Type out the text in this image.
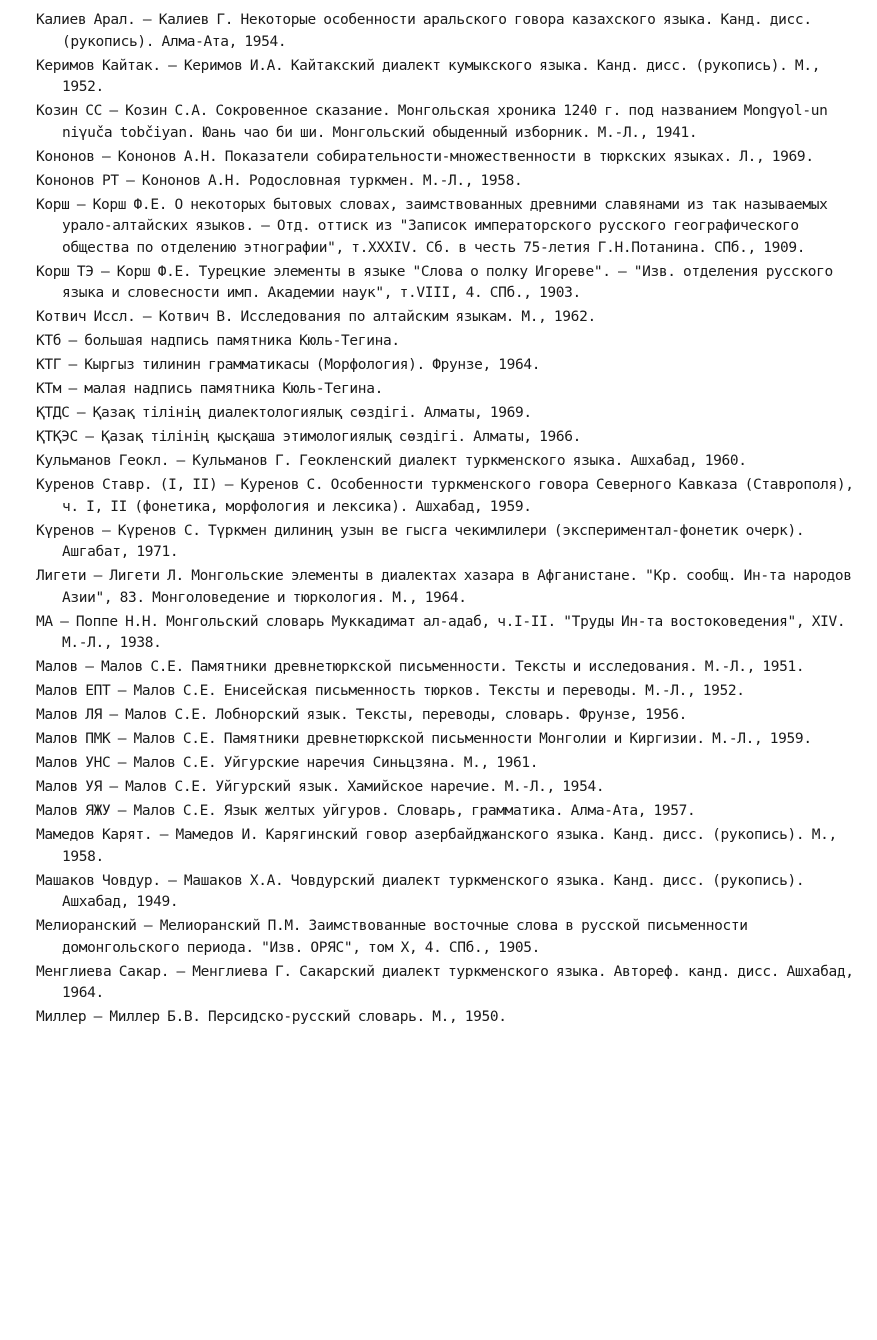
Калиев Арал. – Калиев Г. Некоторые особенности аральского говора казахского языка. Канд. дисс. (рукопись). Алма-Ата, 1954.

Керимов Кайтак. – Керимов И.А. Кайтакский диалект кумыкского языка. Канд. дисс. (рукопись). М., 1952.

Козин СС – Козин С.А. Сокровенное сказание. Монгольская хроника 1240 г. под названием Mongγol-un niγuča tobčiyan. Юань чао би ши. Монгольский обыденный изборник. М.-Л., 1941.

Кононов – Кононов А.Н. Показатели собирательности-множественности в тюркских языках. Л., 1969.

Кононов РТ – Кононов А.Н. Родословная туркмен. М.-Л., 1958.

Корш – Корш Ф.Е. О некоторых бытовых словах, заимствованных древними славянами из так называемых урало-алтайских языков. – Отд. оттиск из "Записок императорского русского географического общества по отделению этнографии", т.XXXIV. Сб. в честь 75-летия Г.Н.Потанина. СПб., 1909.

Корш ТЭ – Корш Ф.Е. Турецкие элементы в языке "Слова о полку Игореве". – "Изв. отделения русского языка и словесности имп. Академии наук", т.VIII, 4. СПб., 1903.

Котвич Иссл. – Котвич В. Исследования по алтайским языкам. М., 1962.

КТб – большая надпись памятника Кюль-Тегина.

КТГ – Кыргыз тилинин грамматикасы (Морфология). Фрунзе, 1964.

КТм – малая надпись памятника Кюль-Тегина.

ҚТДС – Қазақ тілінің диалектологиялық сөздігі. Алматы, 1969.

ҚТҚЭС – Қазақ тілінің қысқаша этимологиялық сөздігі. Алматы, 1966.

Кульманов Геокл. – Кульманов Г. Геокленский диалект туркменского языка. Ашхабад, 1960.

Куренов Ставр. (I, II) – Куренов С. Особенности туркменского говора Северного Кавказа (Ставрополя), ч. I, II (фонетика, морфология и лексика). Ашхабад, 1959.

Күренов – Күренов С. Түркмен дилиниң узын ве гысга чекимлилери (экспериментал-фонетик очерк). Ашгабат, 1971.

Лигети – Лигети Л. Монгольские элементы в диалектах хазара в Афганистане. "Кр. сообщ. Ин-та народов Азии", 83. Монголоведение и тюркология. М., 1964.

МА – Поппе Н.Н. Монгольский словарь Муккадимат ал-адаб, ч.I-II. "Труды Ин-та востоковедения", XIV. М.-Л., 1938.

Малов – Малов С.Е. Памятники древнетюркской письменности. Тексты и исследования. М.-Л., 1951.

Малов ЕПТ – Малов С.Е. Енисейская письменность тюрков. Тексты и переводы. М.-Л., 1952.

Малов ЛЯ – Малов С.Е. Лобнорский язык. Тексты, переводы, словарь. Фрунзе, 1956.

Малов ПМК – Малов С.Е. Памятники древнетюркской письменности Монголии и Киргизии. М.-Л., 1959.

Малов УНС – Малов С.Е. Уйгурские наречия Синьцзяна. М., 1961.

Малов УЯ – Малов С.Е. Уйгурский язык. Хамийское наречие. М.-Л., 1954.

Малов ЯЖУ – Малов С.Е. Язык желтых уйгуров. Словарь, грамматика. Алма-Ата, 1957.

Мамедов Карят. – Мамедов И. Карягинский говор азербайджанского языка. Канд. дисс. (рукопись). М., 1958.

Машаков Човдур. – Машаков Х.А. Човдурский диалект туркменского языка. Канд. дисс. (рукопись). Ашхабад, 1949.

Мелиоранский – Мелиоранский П.М. Заимствованные восточные слова в русской письменности домонгольского периода. "Изв. ОРЯС", том X, 4. СПб., 1905.

Менглиева Сакар. – Менглиева Г. Сакарский диалект туркменского языка. Автореф. канд. дисс. Ашхабад, 1964.

Миллер – Миллер Б.В. Персидско-русский словарь. М., 1950.
